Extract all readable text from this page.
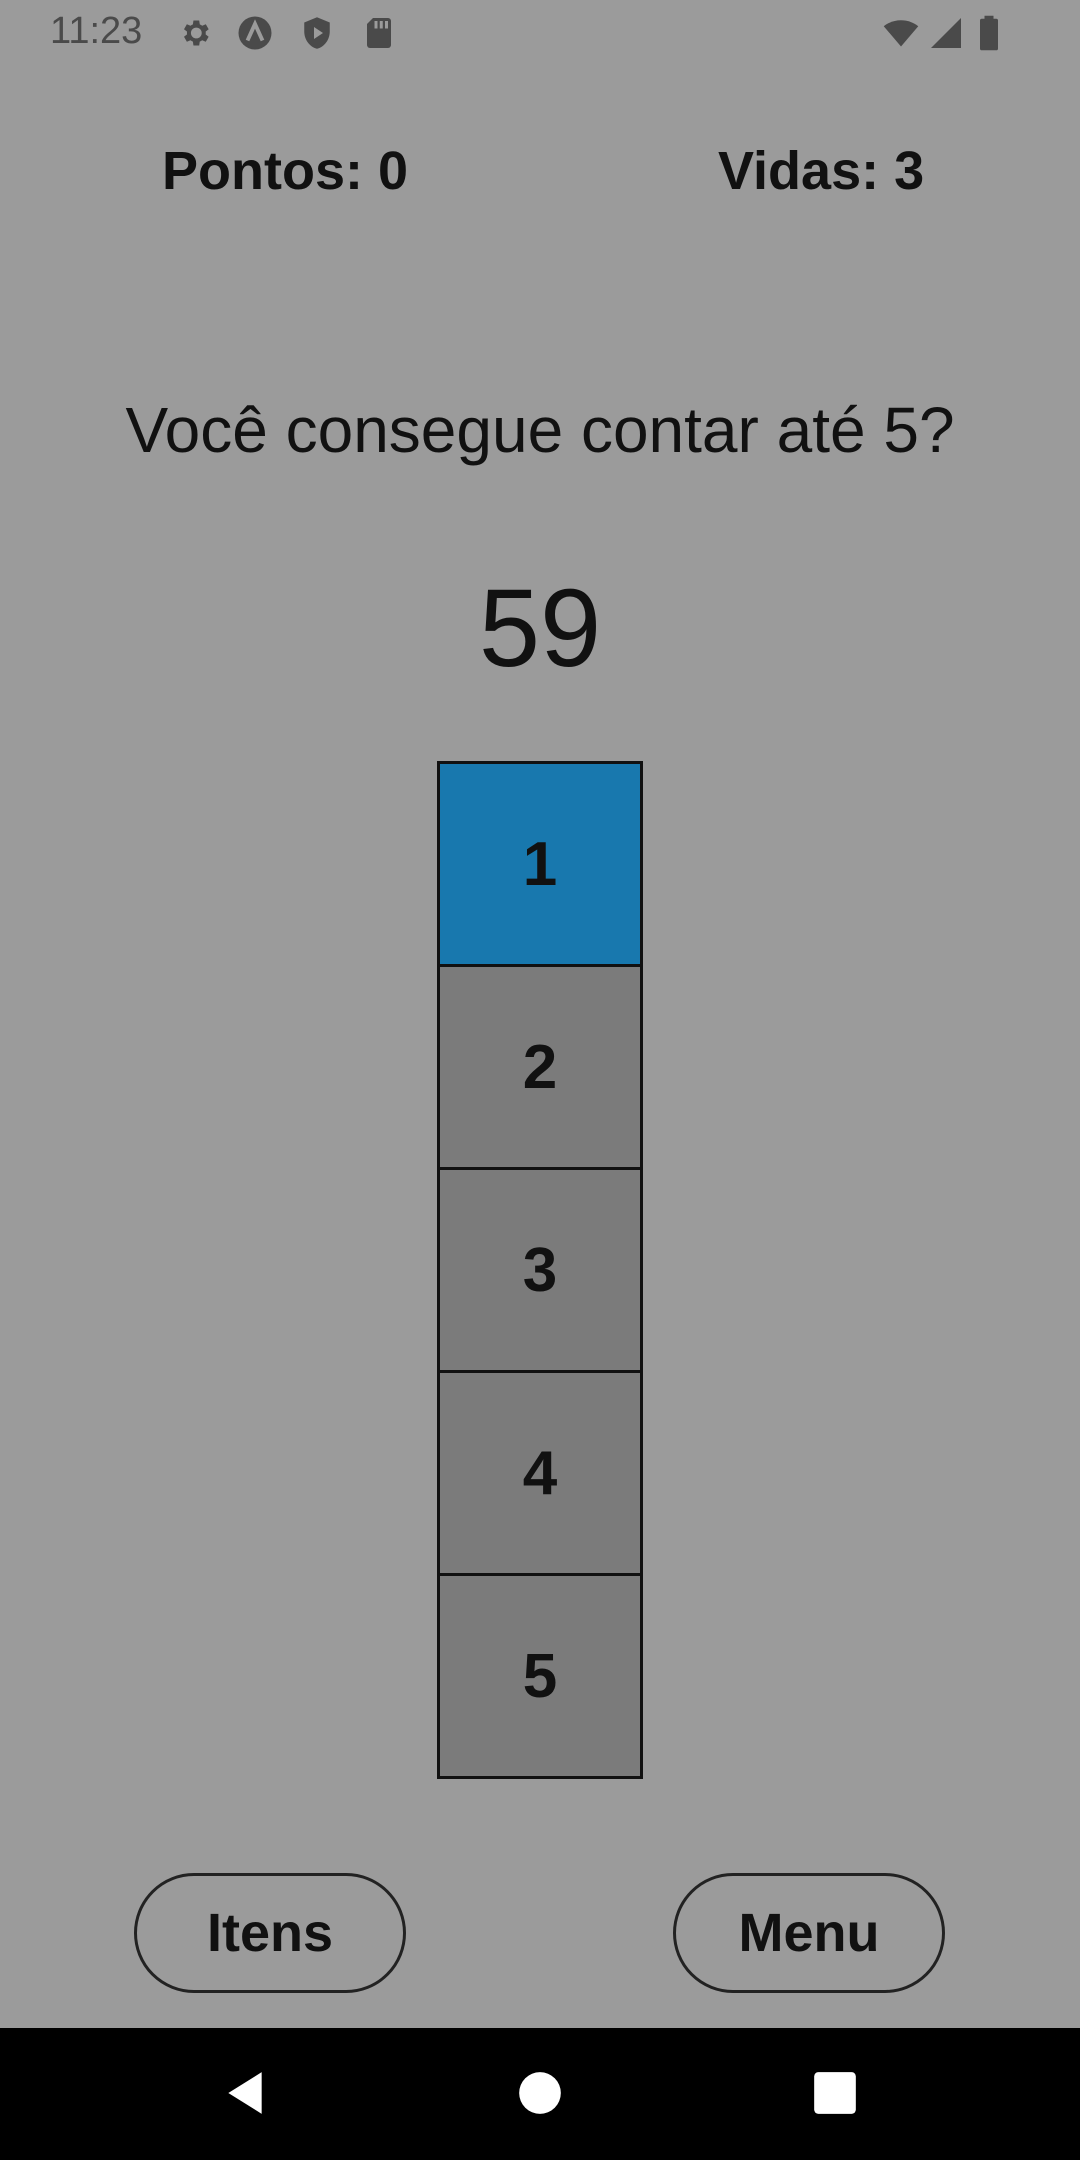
11:23
Pontos: 0	Vidas: 3
Você consegue contar até 5?
59
1
2
3
4
5
Itens	Menu
